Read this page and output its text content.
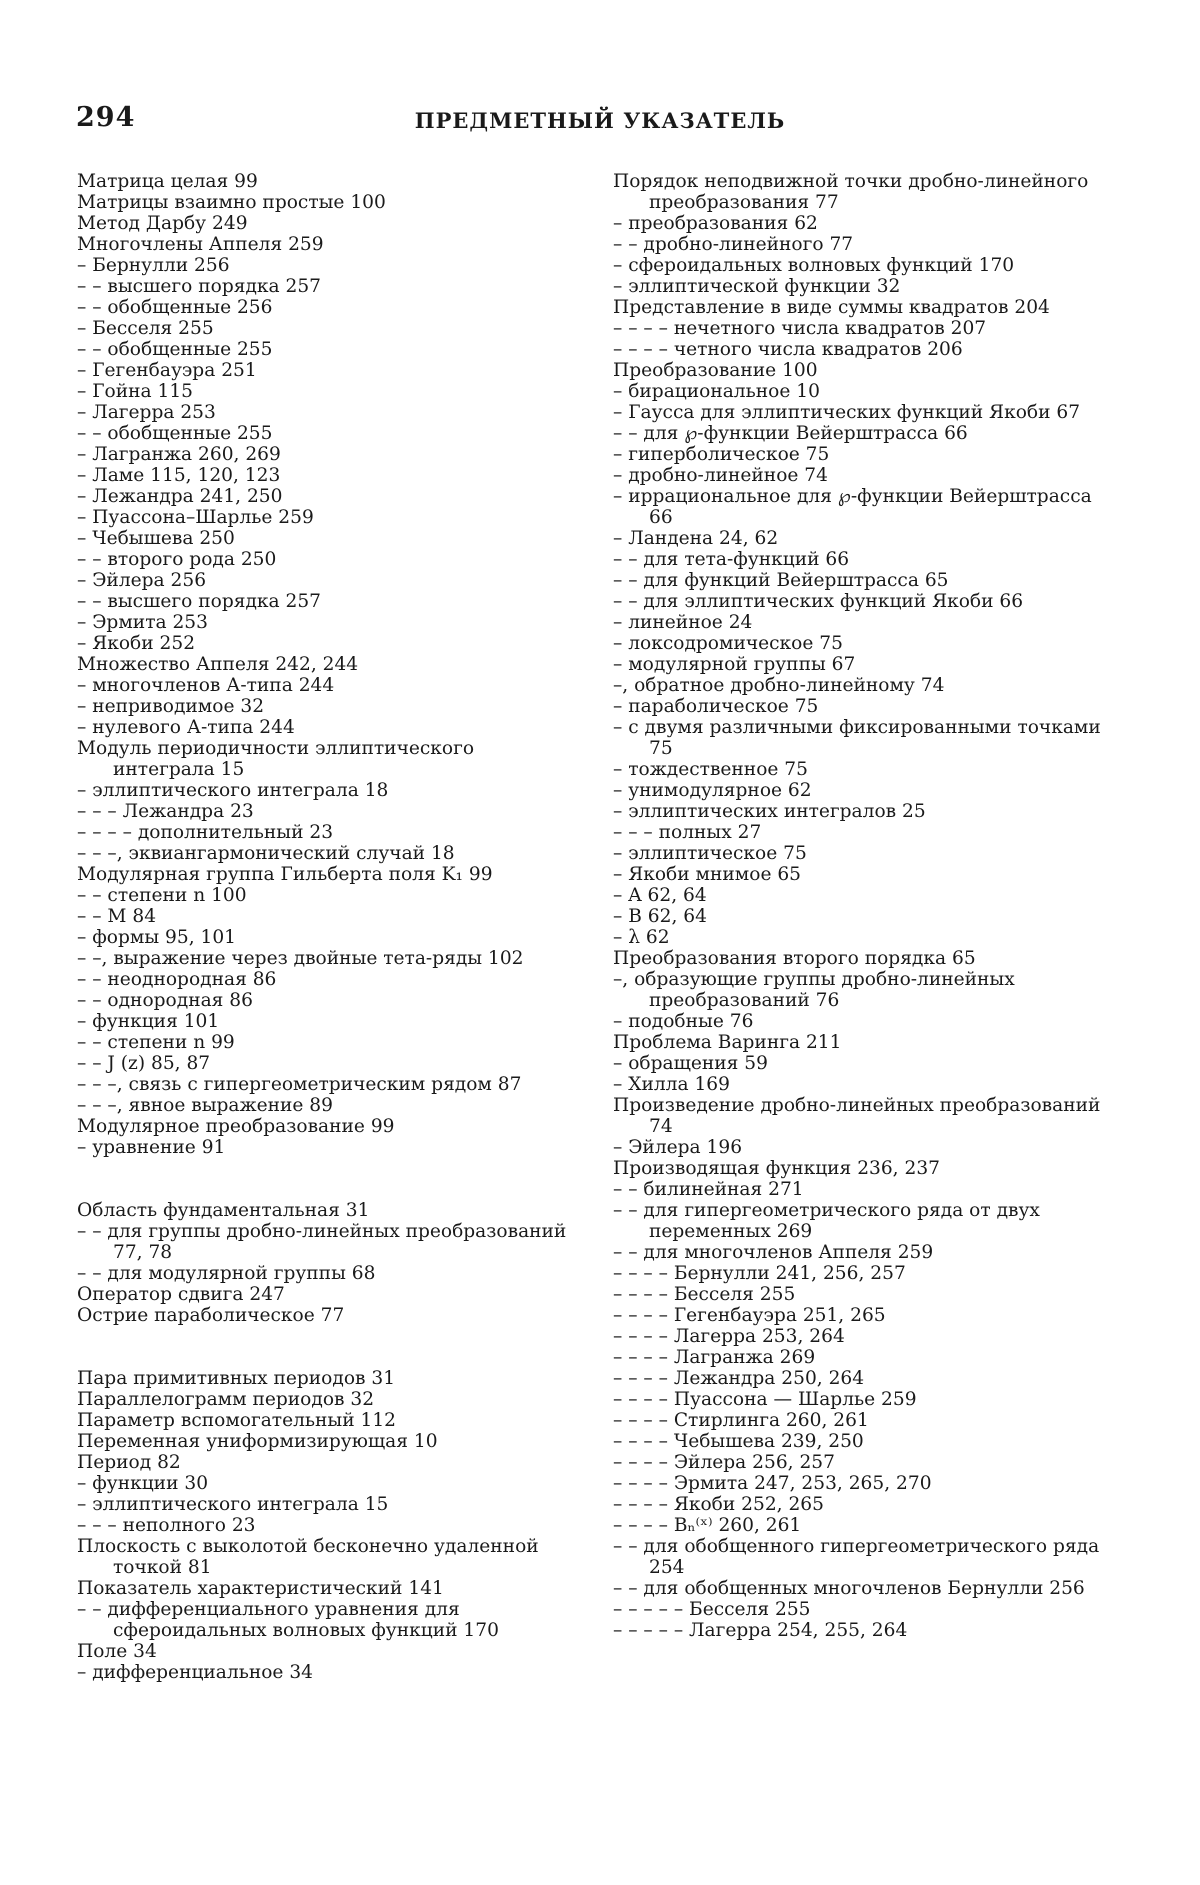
294	ПРЕДМЕТНЫЙ УКАЗАТЕЛЬ
Матрица целая 99
Матрицы взаимно простые 100
Метод Дарбу 249
Многочлены Аппеля 259
– Бернулли 256
– – высшего порядка 257
– – обобщенные 256
– Бесселя 255
– – обобщенные 255
– Гегенбауэра 251
– Гойна 115
– Лагерра 253
– – обобщенные 255
– Лагранжа 260, 269
– Ламе 115, 120, 123
– Лежандра 241, 250
– Пуассона–Шарлье 259
– Чебышева 250
– – второго рода 250
– Эйлера 256
– – высшего порядка 257
– Эрмита 253
– Якоби 252
Множество Аппеля 242, 244
– многочленов А-типа 244
– неприводимое 32
– нулевого А-типа 244
Модуль периодичности эллиптического интеграла 15
– эллиптического интеграла 18
– – – Лежандра 23
– – – – дополнительный 23
– – –, эквиангармонический случай 18
Модулярная группа Гильберта поля K₁ 99
– – степени n 100
– – M 84
– формы 95, 101
– –, выражение через двойные тета-ряды 102
– – неоднородная 86
– – однородная 86
– функция 101
– – степени n 99
– – J (z) 85, 87
– – –, связь с гипергеометрическим рядом 87
– – –, явное выражение 89
Модулярное преобразование 99
– уравнение 91
Область фундаментальная 31
– – для группы дробно-линейных преобразований 77, 78
– – для модулярной группы 68
Оператор сдвига 247
Острие параболическое 77
Пара примитивных периодов 31
Параллелограмм периодов 32
Параметр вспомогательный 112
Переменная униформизирующая 10
Период 82
– функции 30
– эллиптического интеграла 15
– – – неполного 23
Плоскость с выколотой бесконечно удаленной точкой 81
Показатель характеристический 141
– – дифференциального уравнения для сфероидальных волновых функций 170
Поле 34
– дифференциальное 34
Порядок неподвижной точки дробно-линейного преобразования 77
– преобразования 62
– – дробно-линейного 77
– сфероидальных волновых функций 170
– эллиптической функции 32
Представление в виде суммы квадратов 204
– – – – нечетного числа квадратов 207
– – – – четного числа квадратов 206
Преобразование 100
– бирациональное 10
– Гаусса для эллиптических функций Якоби 67
– – для ℘-функции Вейерштрасса 66
– гиперболическое 75
– дробно-линейное 74
– иррациональное для ℘-функции Вейерштрасса 66
– Ландена 24, 62
– – для тета-функций 66
– – для функций Вейерштрасса 65
– – для эллиптических функций Якоби 66
– линейное 24
– локсодромическое 75
– модулярной группы 67
–, обратное дробно-линейному 74
– параболическое 75
– с двумя различными фиксированными точками 75
– тождественное 75
– унимодулярное 62
– эллиптических интегралов 25
– – – полных 27
– эллиптическое 75
– Якоби мнимое 65
– A 62, 64
– B 62, 64
– λ 62
Преобразования второго порядка 65
–, образующие группы дробно-линейных преобразований 76
– подобные 76
Проблема Варинга 211
– обращения 59
– Хилла 169
Произведение дробно-линейных преобразований 74
– Эйлера 196
Производящая функция 236, 237
– – билинейная 271
– – для гипергеометрического ряда от двух переменных 269
– – для многочленов Аппеля 259
– – – – Бернулли 241, 256, 257
– – – – Бесселя 255
– – – – Гегенбауэра 251, 265
– – – – Лагерра 253, 264
– – – – Лагранжа 269
– – – – Лежандра 250, 264
– – – – Пуассона — Шарлье 259
– – – – Стирлинга 260, 261
– – – – Чебышева 239, 250
– – – – Эйлера 256, 257
– – – – Эрмита 247, 253, 265, 270
– – – – Якоби 252, 265
– – – – Bₙ⁽ˣ⁾ 260, 261
– – для обобщенного гипергеометрического ряда 254
– – для обобщенных многочленов Бернулли 256
– – – – – Бесселя 255
– – – – – Лагерра 254, 255, 264
